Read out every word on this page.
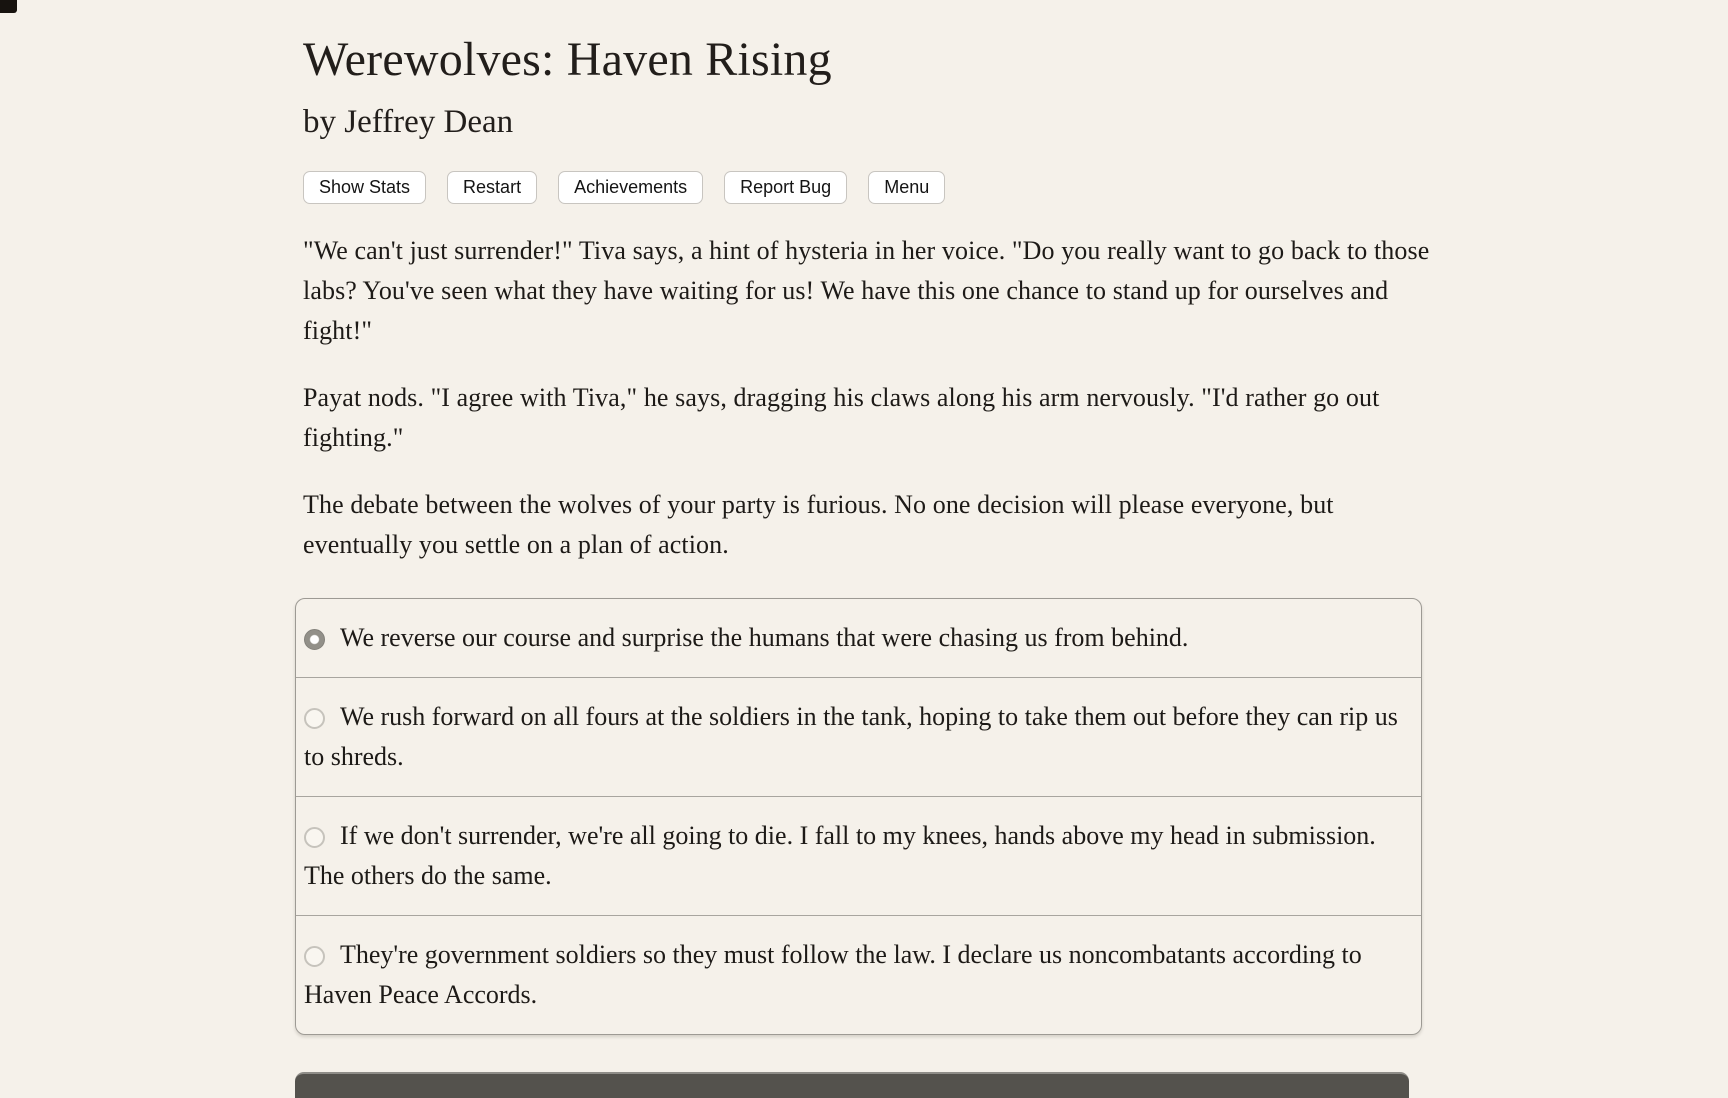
Werewolves: Haven Rising
by Jeffrey Dean
Show Stats	Restart	Achievements	Report Bug	Menu

"We can't just surrender!" Tiva says, a hint of hysteria in her voice. "Do you really want to go back to those labs? You've seen what they have waiting for us! We have this one chance to stand up for ourselves and fight!"

Payat nods. "I agree with Tiva," he says, dragging his claws along his arm nervously. "I'd rather go out fighting."

The debate between the wolves of your party is furious. No one decision will please everyone, but eventually you settle on a plan of action.

We reverse our course and surprise the humans that were chasing us from behind.
We rush forward on all fours at the soldiers in the tank, hoping to take them out before they can rip us to shreds.
If we don't surrender, we're all going to die. I fall to my knees, hands above my head in submission. The others do the same.
They're government soldiers so they must follow the law. I declare us noncombatants according to Haven Peace Accords.
